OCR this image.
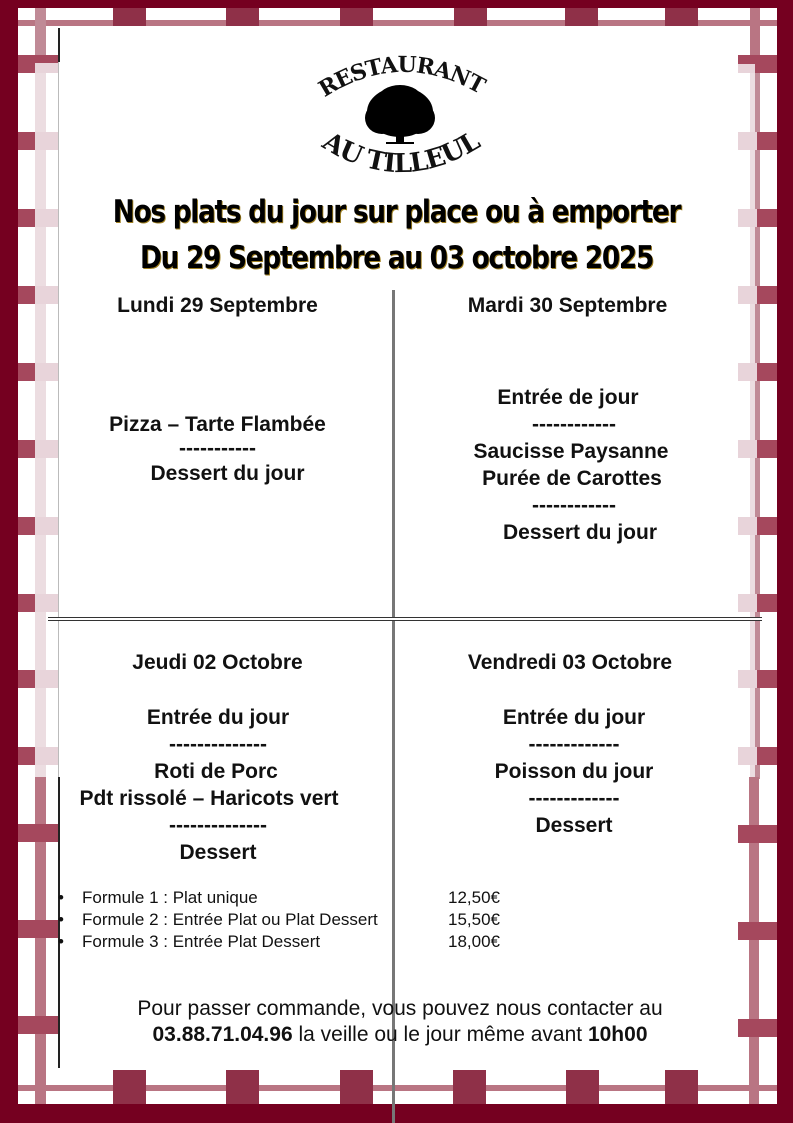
RESTAURANT
AU TILLEUL
Nos plats du jour sur place ou à emporter
Du 29 Septembre au 03 octobre 2025
Lundi 29 Septembre
Pizza – Tarte Flambée
-----------
Dessert du jour
Mardi 30 Septembre
Entrée de jour
------------
Saucisse Paysanne
Purée de Carottes
------------
Dessert du jour
Jeudi 02 Octobre
Entrée du jour
--------------
Roti de Porc
Pdt rissolé – Haricots vert
--------------
Dessert
Vendredi 03 Octobre
Entrée du jour
-------------
Poisson du jour
-------------
Dessert
• Formule 1 : Plat unique	12,50€
• Formule 2 : Entrée Plat ou Plat Dessert	15,50€
• Formule 3 : Entrée Plat Dessert	18,00€
Pour passer commande, vous pouvez nous contacter au
03.88.71.04.96 la veille ou le jour même avant 10h00
